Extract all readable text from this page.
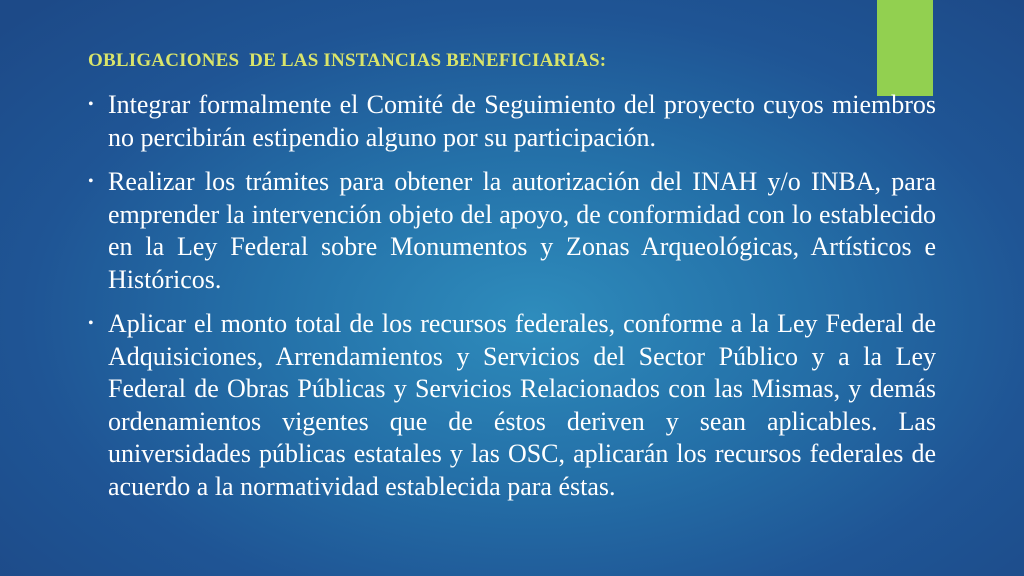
OBLIGACIONES  DE LAS INSTANCIAS BENEFICIARIAS:
• Integrar formalmente el Comité de Seguimiento del proyecto cuyos miembros no percibirán estipendio alguno por su participación.
• Realizar los trámites para obtener la autorización del INAH y/o INBA, para emprender la intervención objeto del apoyo, de conformidad con lo establecido en la Ley Federal sobre Monumentos y Zonas Arqueológicas, Artísticos e Históricos.
• Aplicar el monto total de los recursos federales, conforme a la Ley Federal de Adquisiciones, Arrendamientos y Servicios del Sector Público y a la Ley Federal de Obras Públicas y Servicios Relacionados con las Mismas, y demás ordenamientos vigentes que de éstos deriven y sean aplicables. Las universidades públicas estatales y las OSC, aplicarán los recursos federales de acuerdo a la normatividad establecida para éstas.
